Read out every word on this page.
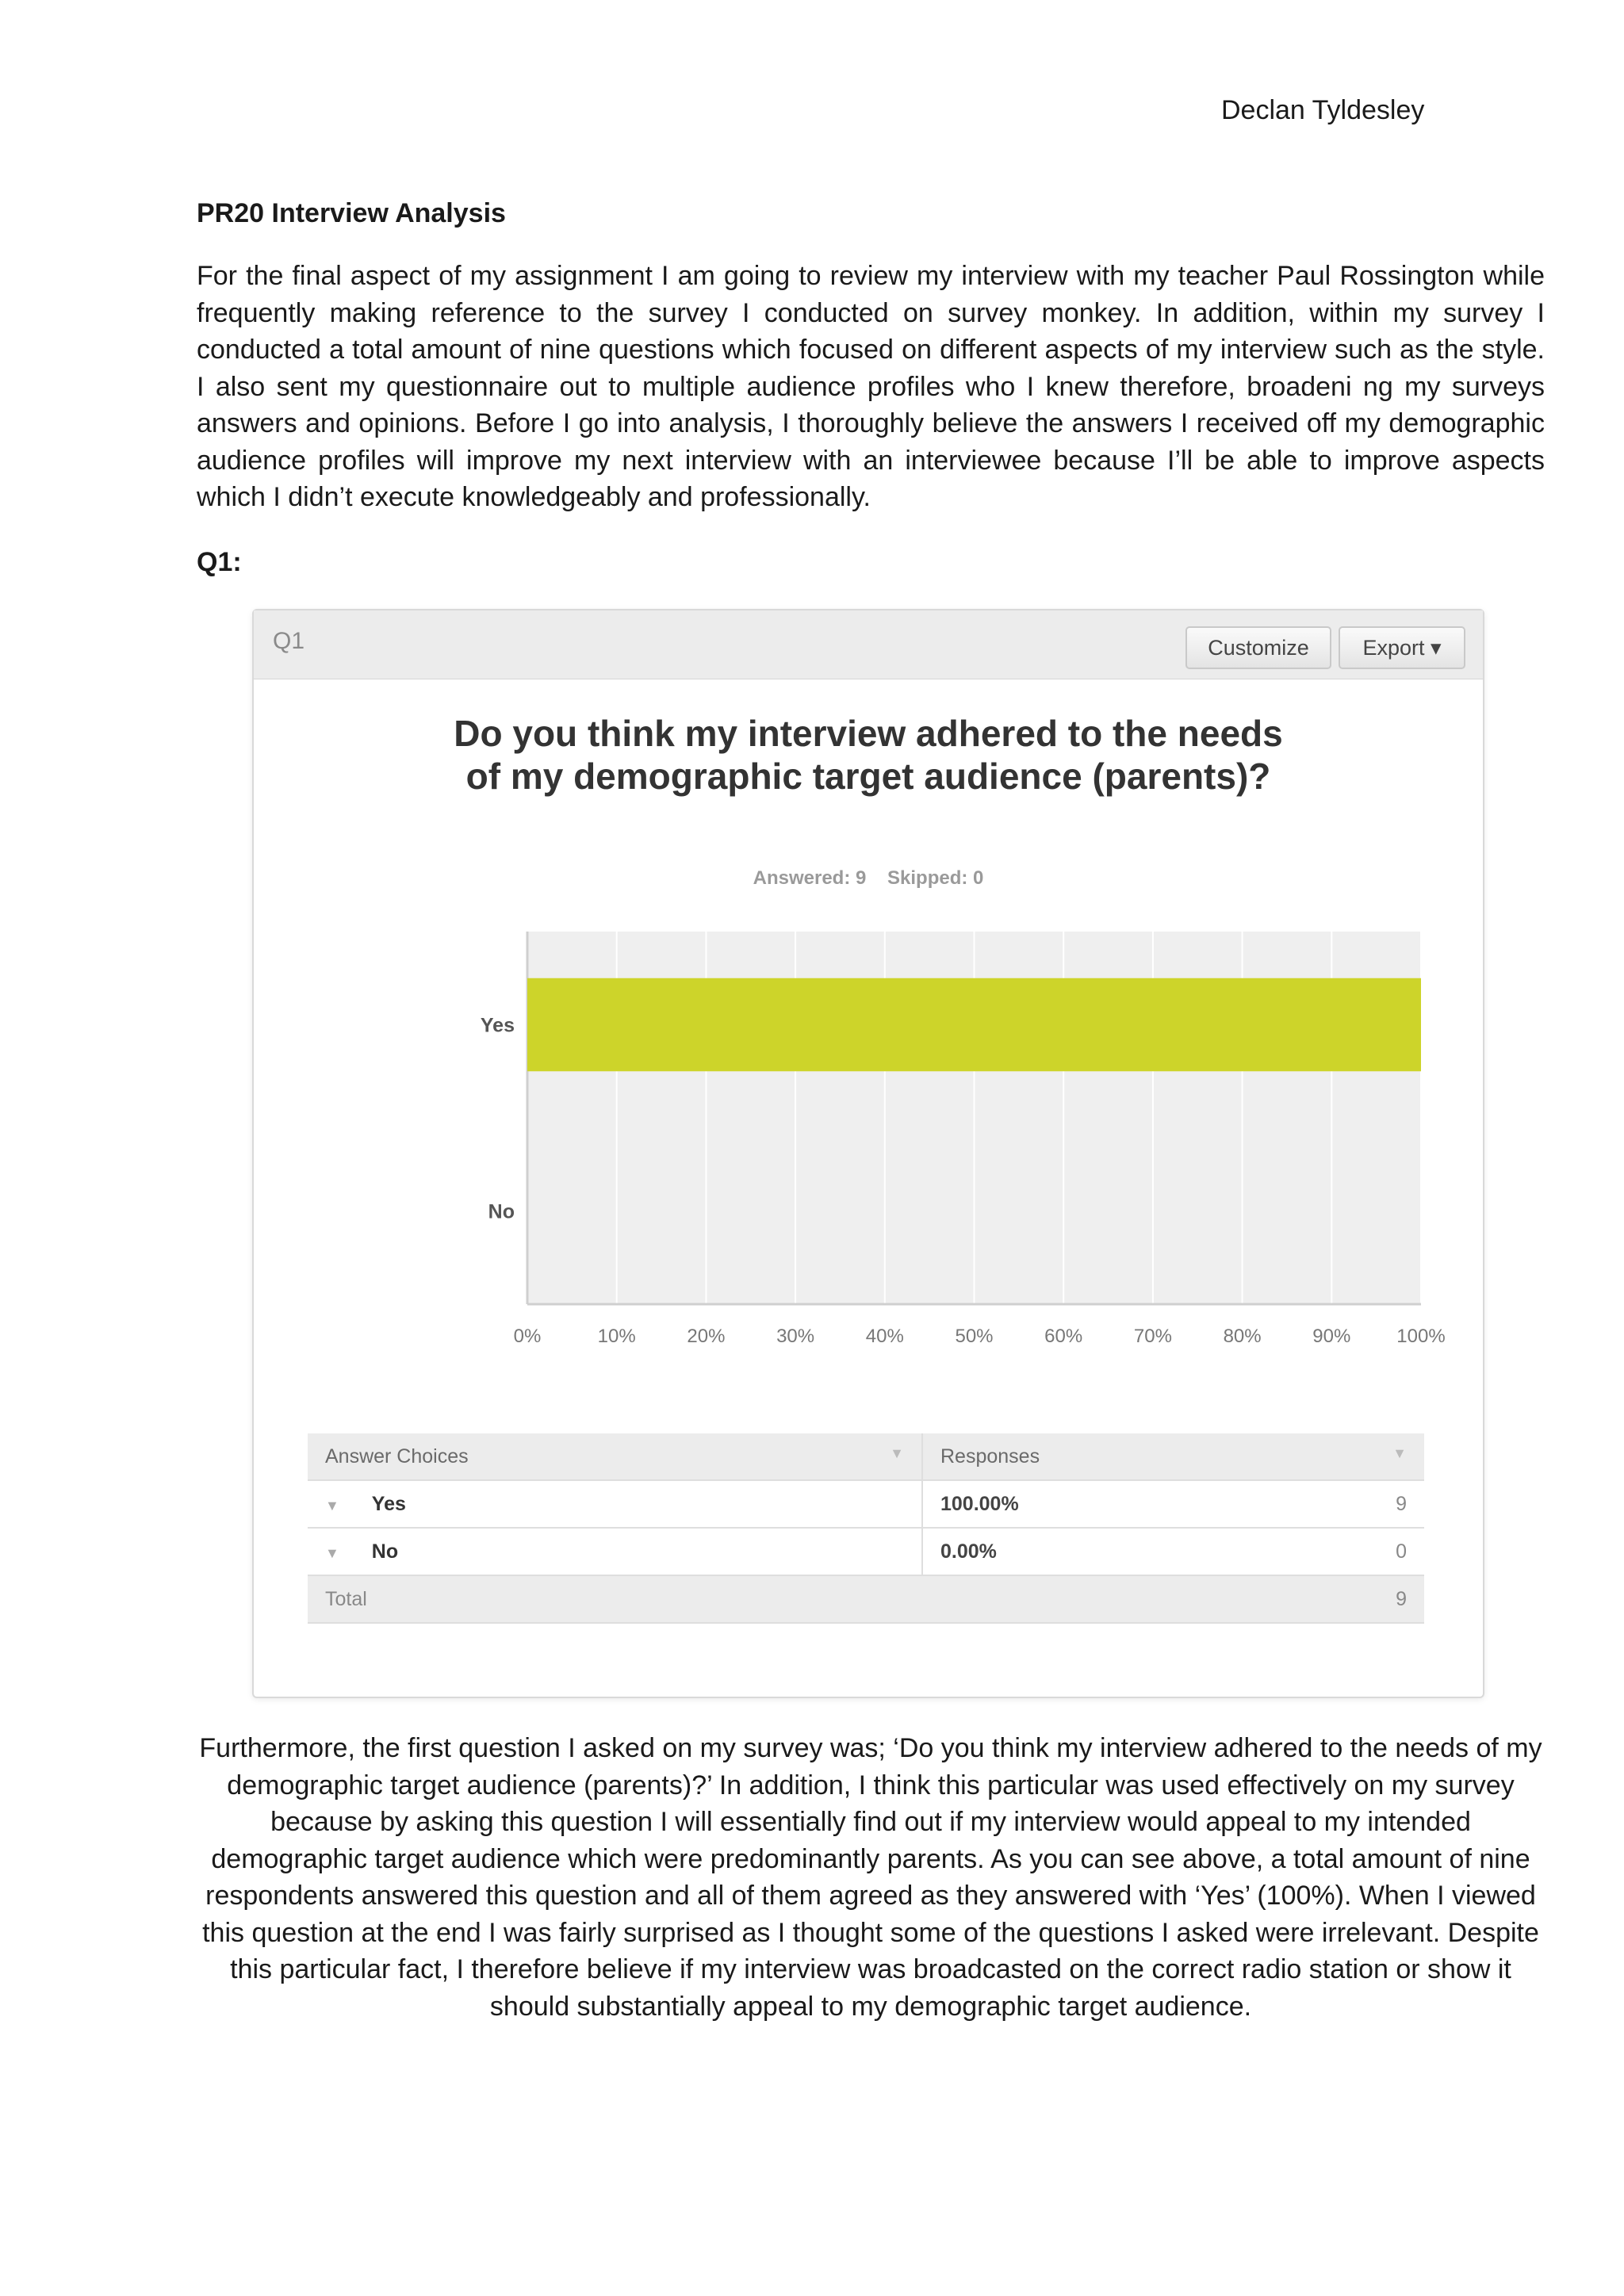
Declan Tyldesley
PR20 Interview Analysis

For the final aspect of my assignment I am going to review my interview with my teacher Paul Rossington while frequently making reference to the survey I conducted on survey monkey. In addition, within my survey I conducted a total amount of nine questions which focused on different aspects of my interview such as the style. I also sent my questionnaire out to multiple audience profiles who I knew therefore, broadeni ng my surveys answers and opinions. Before I go into analysis, I thoroughly believe the answers I received off my demographic audience profiles will improve my next interview with an interviewee because I’ll be able to improve aspects which I didn’t execute knowledgeably and professionally.

Q1:
Q1	Customize	Export ▾

Do you think my interview adhered to the needs of my demographic target audience (parents)?

Answered: 9 Skipped: 0
0%	10%	20%	30%	40%	50%	60%	70%	80%	90% 100%
Yes
No
Answer Choices ▼	Responses ▼	

▼ Yes	100.00%	9
▼ No	0.00%	0
Total		9

Furthermore, the first question I asked on my survey was; ‘Do you think my interview adhered to the needs of my demographic target audience (parents)?’ In addition, I think this particular was used effectively on my survey because by asking this question I will essentially find out if my interview would appeal to my intended demographic target audience which were predominantly parents. As you can see above, a total amount of nine respondents answered this question and all of them agreed as they answered with ‘Yes’ (100%). When I viewed this question at the end I was fairly surprised as I thought some of the questions I asked were irrelevant. Despite this particular fact, I therefore believe if my interview was broadcasted on the correct radio station or show it should substantially appeal to my demographic target audience.
